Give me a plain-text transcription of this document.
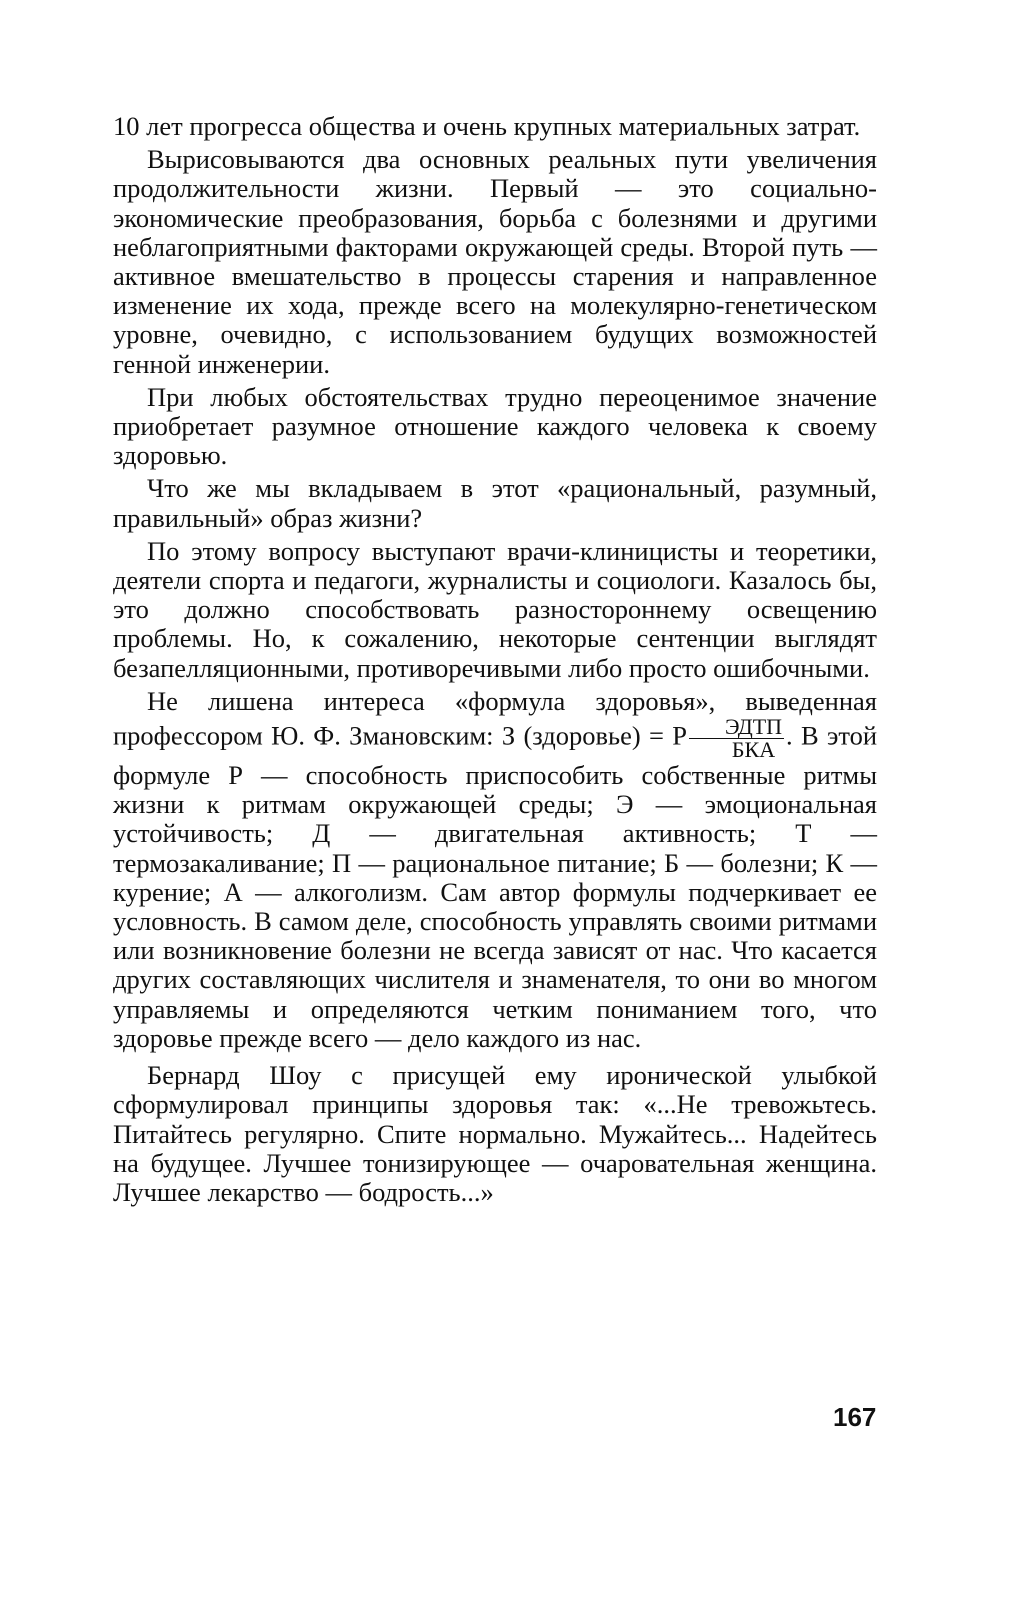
10 лет прогресса общества и очень крупных материальных затрат.

Вырисовываются два основных реальных пути увеличения продолжительности жизни. Первый — это социально-экономические преобразования, борьба с болезнями и другими неблагоприятными факторами окружающей среды. Второй путь — активное вмешательство в процессы старения и направленное изменение их хода, прежде всего на молекулярно-генетическом уровне, очевидно, с использованием будущих возможностей генной инженерии.

При любых обстоятельствах трудно переоценимое значение приобретает разумное отношение каждого человека к своему здоровью.

Что же мы вкладываем в этот «рациональный, разумный, правильный» образ жизни?

По этому вопросу выступают врачи-клиницисты и теоретики, деятели спорта и педагоги, журналисты и социологи. Казалось бы, это должно способствовать разностороннему освещению проблемы. Но, к сожалению, некоторые сентенции выглядят безапелляционными, противоречивыми либо просто ошибочными.

Не лишена интереса «формула здоровья», выведенная профессором Ю. Ф. Змановским: З (здоровье) = Р $\frac{\text{ЭДТП}}{\text{БКА}}$ . В этой формуле Р — способность приспособить собственные ритмы жизни к ритмам окружающей среды; Э — эмоциональная устойчивость; Д — двигательная активность; Т — термозакаливание; П — рациональное питание; Б — болезни; К — курение; А — алкоголизм. Сам автор формулы подчеркивает ее условность. В самом деле, способность управлять своими ритмами или возникновение болезни не всегда зависят от нас. Что касается других составляющих числителя и знаменателя, то они во многом управляемы и определяются четким пониманием того, что здоровье прежде всего — дело каждого из нас.

Бернард Шоу с присущей ему иронической улыбкой сформулировал принципы здоровья так: «...Не тревожьтесь. Питайтесь регулярно. Спите нормально. Мужайтесь... Надейтесь на будущее. Лучшее тонизирующее — очаровательная женщина. Лучшее лекарство — бодрость...»

167
